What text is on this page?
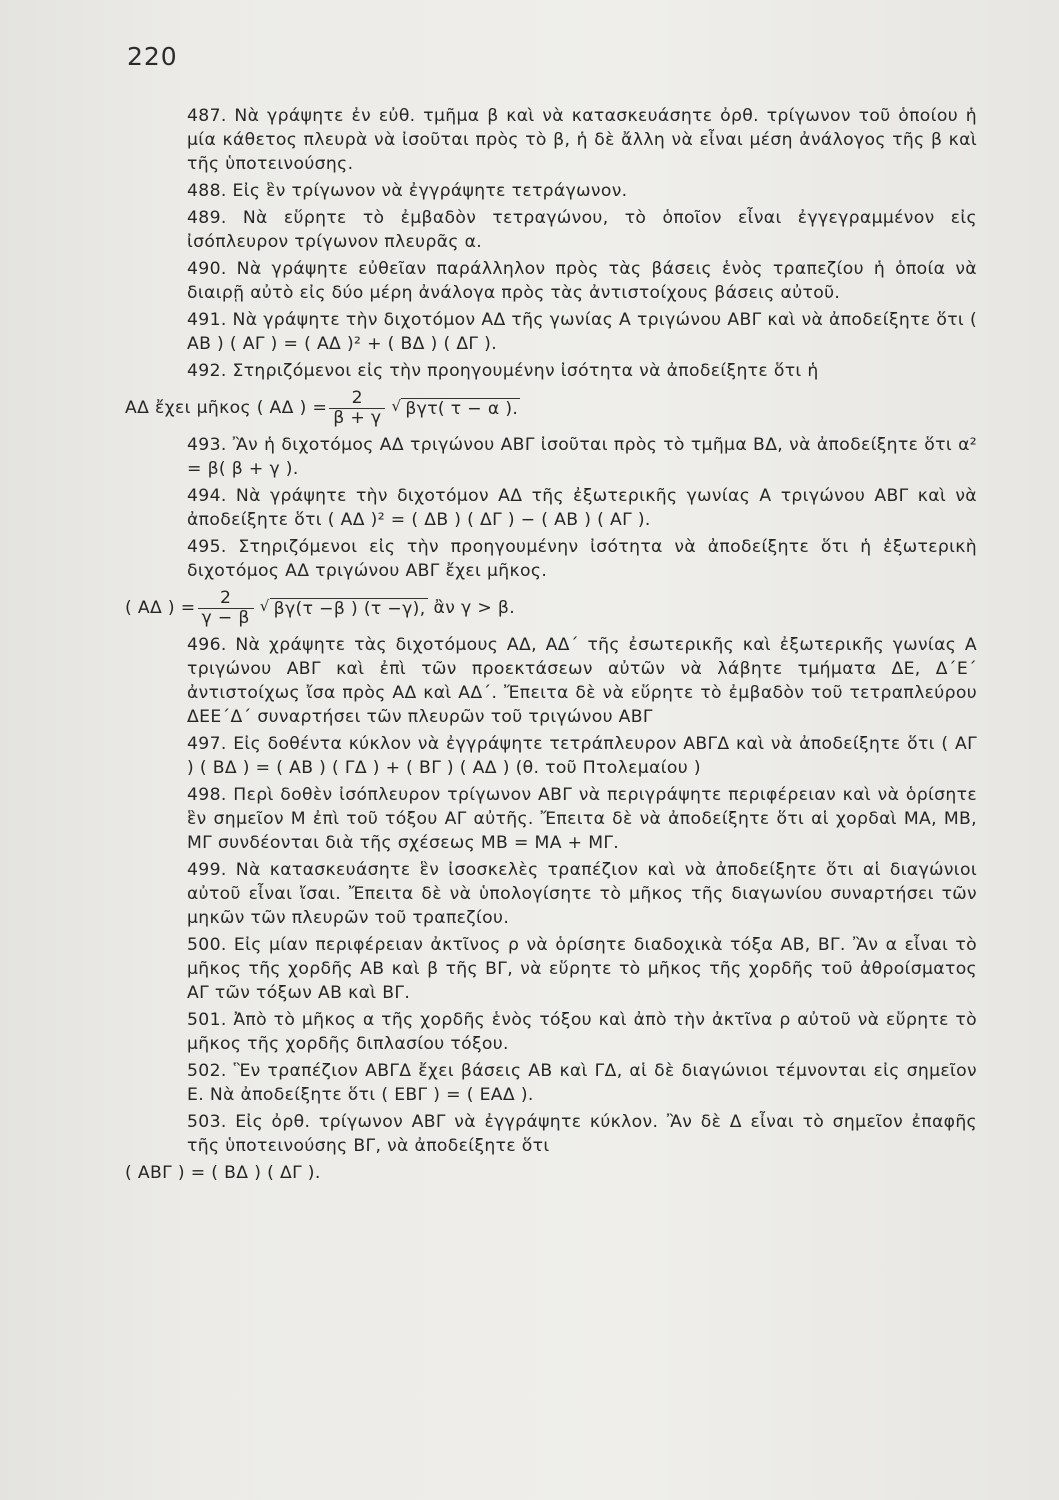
220

487. Νὰ γράψητε ἐν εὐθ. τμῆμα β καὶ νὰ κατασκευάσητε ὀρθ. τρίγωνον τοῦ ὁποίου ἡ μία κάθετος πλευρὰ νὰ ἰσοῦται πρὸς τὸ β, ἡ δὲ ἄλλη νὰ εἶναι μέση ἀνάλογος τῆς β καὶ τῆς ὑποτεινούσης.

488. Εἰς ἓν τρίγωνον νὰ ἐγγράψητε τετράγωνον.

489. Νὰ εὕρητε τὸ ἐμβαδὸν τετραγώνου, τὸ ὁποῖον εἶναι ἐγγεγραμμένον εἰς ἰσόπλευρον τρίγωνον πλευρᾶς α.

490. Νὰ γράψητε εὐθεῖαν παράλληλον πρὸς τὰς βάσεις ἑνὸς τραπεζίου ἡ ὁποία νὰ διαιρῇ αὐτὸ εἰς δύο μέρη ἀνάλογα πρὸς τὰς ἀντιστοίχους βάσεις αὐτοῦ.

491. Νὰ γράψητε τὴν διχοτόμον ΑΔ τῆς γωνίας Α τριγώνου ΑΒΓ καὶ νὰ ἀποδείξητε ὅτι ( ΑΒ ) ( ΑΓ ) = ( ΑΔ )² + ( ΒΔ ) ( ΔΓ ).

492. Στηριζόμενοι εἰς τὴν προηγουμένην ἰσότητα νὰ ἀποδείξητε ὅτι ἡ

ΑΔ ἔχει μῆκος ( ΑΔ ) = $\frac{2}{\beta + \gamma}$ √ βγτ( τ − α ).

493. Ἂν ἡ διχοτόμος ΑΔ τριγώνου ΑΒΓ ἰσοῦται πρὸς τὸ τμῆμα ΒΔ, νὰ ἀποδείξητε ὅτι α² = β( β + γ ).

494. Νὰ γράψητε τὴν διχοτόμον ΑΔ τῆς ἐξωτερικῆς γωνίας Α τριγώνου ΑΒΓ καὶ νὰ ἀποδείξητε ὅτι ( ΑΔ )² = ( ΔΒ ) ( ΔΓ ) − ( ΑΒ ) ( ΑΓ ).

495. Στηριζόμενοι εἰς τὴν προηγουμένην ἰσότητα νὰ ἀποδείξητε ὅτι ἡ ἐξωτερικὴ διχοτόμος ΑΔ τριγώνου ΑΒΓ ἔχει μῆκος.

( ΑΔ ) = $\frac{2}{\gamma - \beta}$ √ βγ(τ −β ) (τ −γ), ἂν γ > β.

496. Νὰ χράψητε τὰς διχοτόμους ΑΔ, ΑΔ΄ τῆς ἐσωτερικῆς καὶ ἐξωτερικῆς γωνίας Α τριγώνου ΑΒΓ καὶ ἐπὶ τῶν προεκτάσεων αὐτῶν νὰ λάβητε τμήματα ΔΕ, Δ΄Ε΄ ἀντιστοίχως ἴσα πρὸς ΑΔ καὶ ΑΔ΄. Ἔπειτα δὲ νὰ εὕρητε τὸ ἐμβαδὸν τοῦ τετραπλεύρου ΔΕΕ΄Δ΄ συναρτήσει τῶν πλευρῶν τοῦ τριγώνου ΑΒΓ

497. Εἰς δοθέντα κύκλον νὰ ἐγγράψητε τετράπλευρον ΑΒΓΔ καὶ νὰ ἀποδείξητε ὅτι ( ΑΓ ) ( ΒΔ ) = ( ΑΒ ) ( ΓΔ ) + ( ΒΓ ) ( ΑΔ ) (θ. τοῦ Πτολεμαίου )

498. Περὶ δοθὲν ἰσόπλευρον τρίγωνον ΑΒΓ νὰ περιγράψητε περιφέρειαν καὶ νὰ ὁρίσητε ἓν σημεῖον Μ ἐπὶ τοῦ τόξου ΑΓ αὐτῆς. Ἔπειτα δὲ νὰ ἀποδείξητε ὅτι αἱ χορδαὶ ΜΑ, ΜΒ, ΜΓ συνδέονται διὰ τῆς σχέσεως ΜΒ = ΜΑ + ΜΓ.

499. Νὰ κατασκευάσητε ἓν ἰσοσκελὲς τραπέζιον καὶ νὰ ἀποδείξητε ὅτι αἱ διαγώνιοι αὐτοῦ εἶναι ἴσαι. Ἔπειτα δὲ νὰ ὑπολογίσητε τὸ μῆκος τῆς διαγωνίου συναρτήσει τῶν μηκῶν τῶν πλευρῶν τοῦ τραπεζίου.

500. Εἰς μίαν περιφέρειαν ἀκτῖνος ρ νὰ ὁρίσητε διαδοχικὰ τόξα ΑΒ, ΒΓ. Ἂν α εἶναι τὸ μῆκος τῆς χορδῆς ΑΒ καὶ β τῆς ΒΓ, νὰ εὕρητε τὸ μῆκος τῆς χορδῆς τοῦ ἀθροίσματος ΑΓ τῶν τόξων ΑΒ καὶ ΒΓ.

501. Ἀπὸ τὸ μῆκος α τῆς χορδῆς ἑνὸς τόξου καὶ ἀπὸ τὴν ἀκτῖνα ρ αὐτοῦ νὰ εὕρητε τὸ μῆκος τῆς χορδῆς διπλασίου τόξου.

502. Ἓν τραπέζιον ΑΒΓΔ ἔχει βάσεις ΑΒ καὶ ΓΔ, αἱ δὲ διαγώνιοι τέμνονται εἰς σημεῖον Ε. Νὰ ἀποδείξητε ὅτι ( ΕΒΓ ) = ( ΕΑΔ ).

503. Εἰς ὀρθ. τρίγωνον ΑΒΓ νὰ ἐγγράψητε κύκλον. Ἂν δὲ Δ εἶναι τὸ σημεῖον ἐπαφῆς τῆς ὑποτεινούσης ΒΓ, νὰ ἀποδείξητε ὅτι

( ΑΒΓ ) = ( ΒΔ ) ( ΔΓ ).
